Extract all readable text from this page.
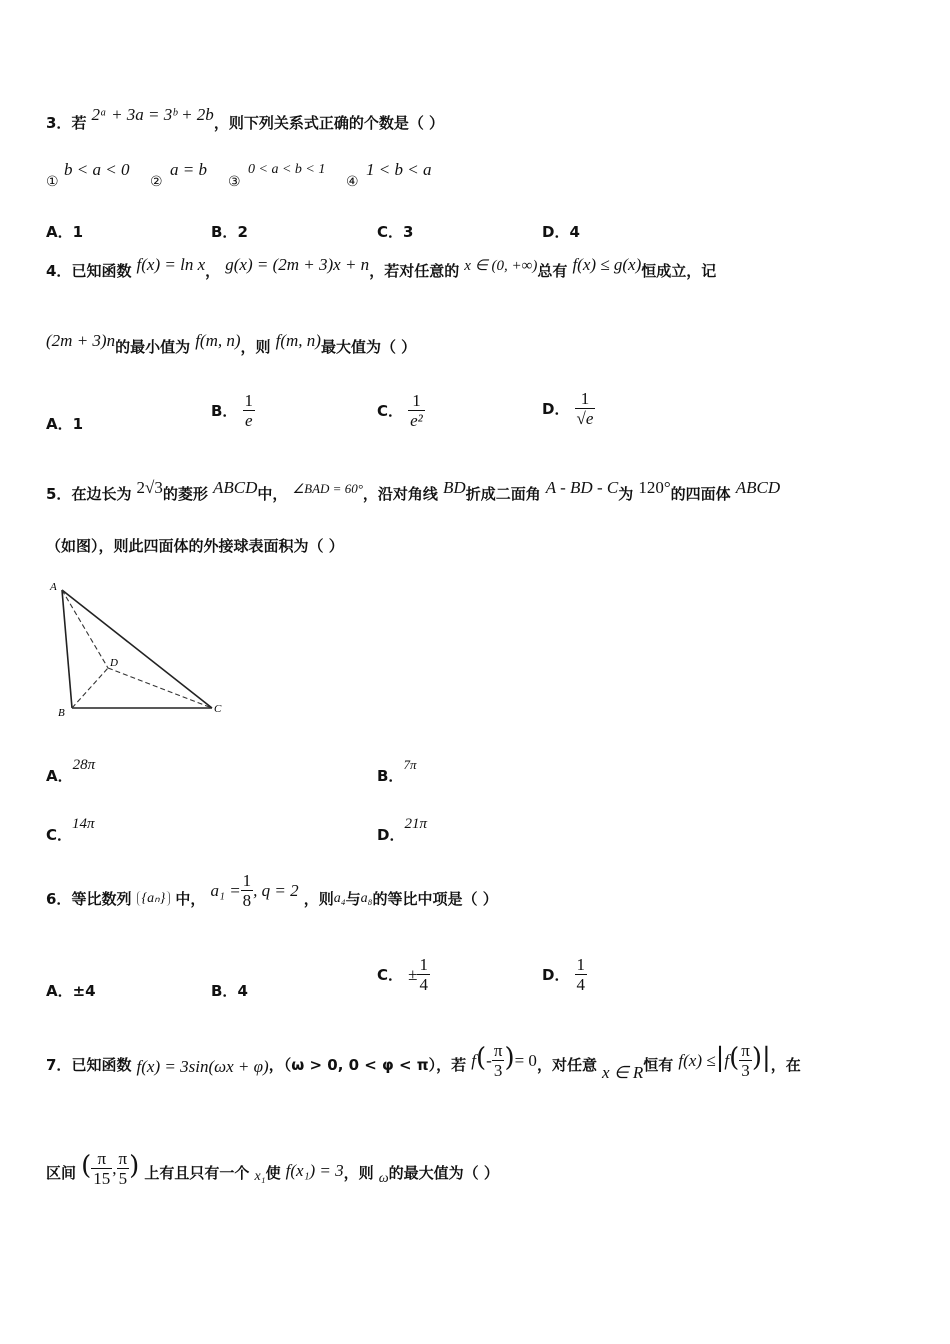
3．若 2ᵃ + 3a = 3ᵇ + 2b，则下列关系式正确的个数是（ ）
①
b < a < 0
②
a = b
③
0 < a < b < 1
④
1 < b < a
A．1	B．2	C．3	D．4
4．已知函数 f(x) = ln x， g(x) = (2m + 3)x + n，若对任意的 x ∈ (0, +∞)总有 f(x) ≤ g(x)恒成立，记
(2m + 3)n的最小值为 f(m, n)，则 f(m, n)最大值为（ ）
A．1
B． $\frac{1}{e}$	C． $\frac{1}{\text{e²}}$	D． $\frac{1}{√e}$
5．在边长为 2√3的菱形 ABCD中， $^{\angle BAD = 60^\circ}$，沿对角线 BD折成二面角 A - BD - C为 120°的四面体 ABCD
（如图），则此四面体的外接球表面积为（ ）
A
B	C
D
A．28π
B．7π
C．14π
D．21π
6．等比数列 {aₙ} 中， $a_1 = \frac{1}{8}$ , q = 2 ，则a₄与a₈的等比中项是（ ）
A．±4	B．4
C． ± $\frac{1}{4}$	D． $\frac{1}{4}$
7．已知函数 f(x) = 3sin(ωx + φ)，（ω > 0, 0 < φ < π），若 $f(- \frac{\pi}{3}$ )= 0，对任意 x ∈ R恒有 $f(x) \le|f( \frac{\pi}{3}$ )|，在
区间 ( $\frac{\pi}{15}$ , $\frac{\pi}{5}$ ) 上有且只有一个 x₁使 f(x₁) = 3，则 ω的最大值为（ ）
